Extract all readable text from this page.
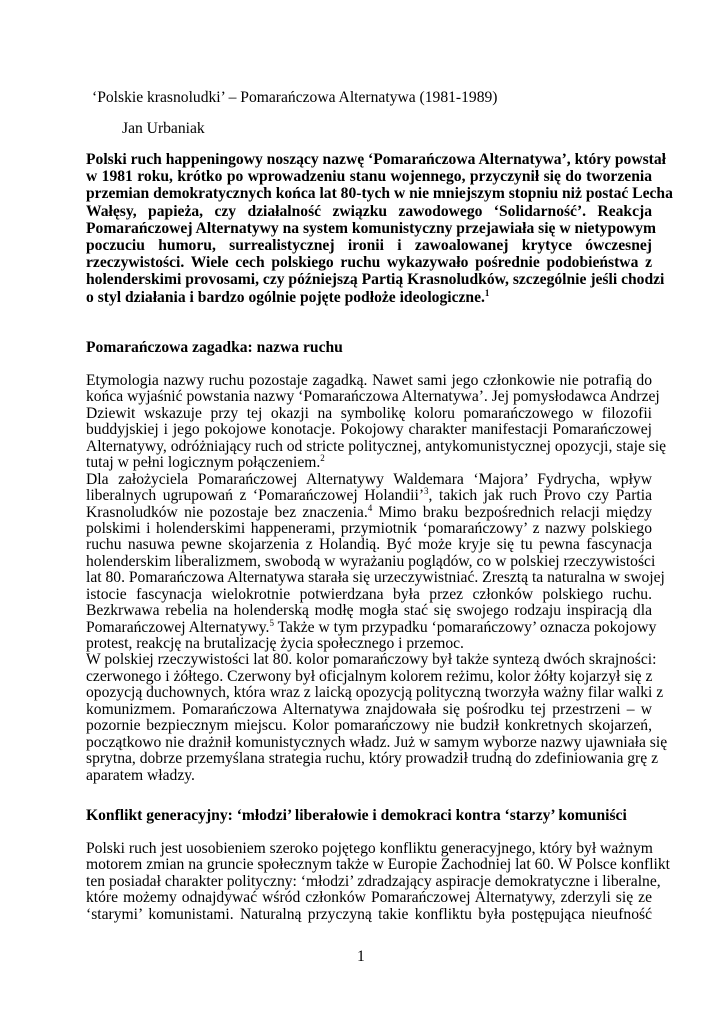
‘Polskie krasnoludki’ – Pomarańczowa Alternatywa (1981-1989)
Jan Urbaniak
Polski ruch happeningowy noszący nazwę ‘Pomarańczowa Alternatywa’, który powstał
w 1981 roku, krótko po wprowadzeniu stanu wojennego, przyczynił się do tworzenia
przemian demokratycznych końca lat 80-tych w nie mniejszym stopniu niż postać Lecha
Wałęsy, papieża, czy działalność związku zawodowego ‘Solidarność’. Reakcja
Pomarańczowej Alternatywy na system komunistyczny przejawiała się w nietypowym
poczuciu humoru, surrealistycznej ironii i zawoalowanej krytyce ówczesnej
rzeczywistości. Wiele cech polskiego ruchu wykazywało pośrednie podobieństwa z
holenderskimi provosami, czy późniejszą Partią Krasnoludków, szczególnie jeśli chodzi
o styl działania i bardzo ogólnie pojęte podłoże ideologiczne.$^1$
Pomarańczowa zagadka: nazwa ruchu
Etymologia nazwy ruchu pozostaje zagadką. Nawet sami jego członkowie nie potrafią do
końca wyjaśnić powstania nazwy ‘Pomarańczowa Alternatywa’. Jej pomysłodawca Andrzej
Dziewit wskazuje przy tej okazji na symbolikę koloru pomarańczowego w filozofii
buddyjskiej i jego pokojowe konotacje. Pokojowy charakter manifestacji Pomarańczowej
Alternatywy, odróżniający ruch od stricte politycznej, antykomunistycznej opozycji, staje się
tutaj w pełni logicznym połączeniem.$^2$
Dla założyciela Pomarańczowej Alternatywy Waldemara ‘Majora’ Fydrycha, wpływ
liberalnych ugrupowań z ‘Pomarańczowej Holandii’$^3$, takich jak ruch Provo czy Partia
Krasnoludków nie pozostaje bez znaczenia.$^4$ Mimo braku bezpośrednich relacji między
polskimi i holenderskimi happenerami, przymiotnik ‘pomarańczowy’ z nazwy polskiego
ruchu nasuwa pewne skojarzenia z Holandią. Być może kryje się tu pewna fascynacja
holenderskim liberalizmem, swobodą w wyrażaniu poglądów, co w polskiej rzeczywistości
lat 80. Pomarańczowa Alternatywa starała się urzeczywistniać. Zresztą ta naturalna w swojej
istocie fascynacja wielokrotnie potwierdzana była przez członków polskiego ruchu.
Bezkrwawa rebelia na holenderską modłę mogła stać się swojego rodzaju inspiracją dla
Pomarańczowej Alternatywy.$^5$ Także w tym przypadku ‘pomarańczowy’ oznacza pokojowy
protest, reakcję na brutalizację życia społecznego i przemoc.
W polskiej rzeczywistości lat 80. kolor pomarańczowy był także syntezą dwóch skrajności:
czerwonego i żółtego. Czerwony był oficjalnym kolorem reżimu, kolor żółty kojarzył się z
opozycją duchownych, która wraz z laicką opozycją polityczną tworzyła ważny filar walki z
komunizmem. Pomarańczowa Alternatywa znajdowała się pośrodku tej przestrzeni – w
pozornie bezpiecznym miejscu. Kolor pomarańczowy nie budził konkretnych skojarzeń,
początkowo nie drażnił komunistycznych władz. Już w samym wyborze nazwy ujawniała się
sprytna, dobrze przemyślana strategia ruchu, który prowadził trudną do zdefiniowania grę z
aparatem władzy.
Konflikt generacyjny: ‘młodzi’ liberałowie i demokraci kontra ‘starzy’ komuniści
Polski ruch jest uosobieniem szeroko pojętego konfliktu generacyjnego, który był ważnym
motorem zmian na gruncie społecznym także w Europie Zachodniej lat 60. W Polsce konflikt
ten posiadał charakter polityczny: ‘młodzi’ zdradzający aspiracje demokratyczne i liberalne,
które możemy odnajdywać wśród członków Pomarańczowej Alternatywy, zderzyli się ze
‘starymi’ komunistami. Naturalną przyczyną takie konfliktu była postępująca nieufność
1
